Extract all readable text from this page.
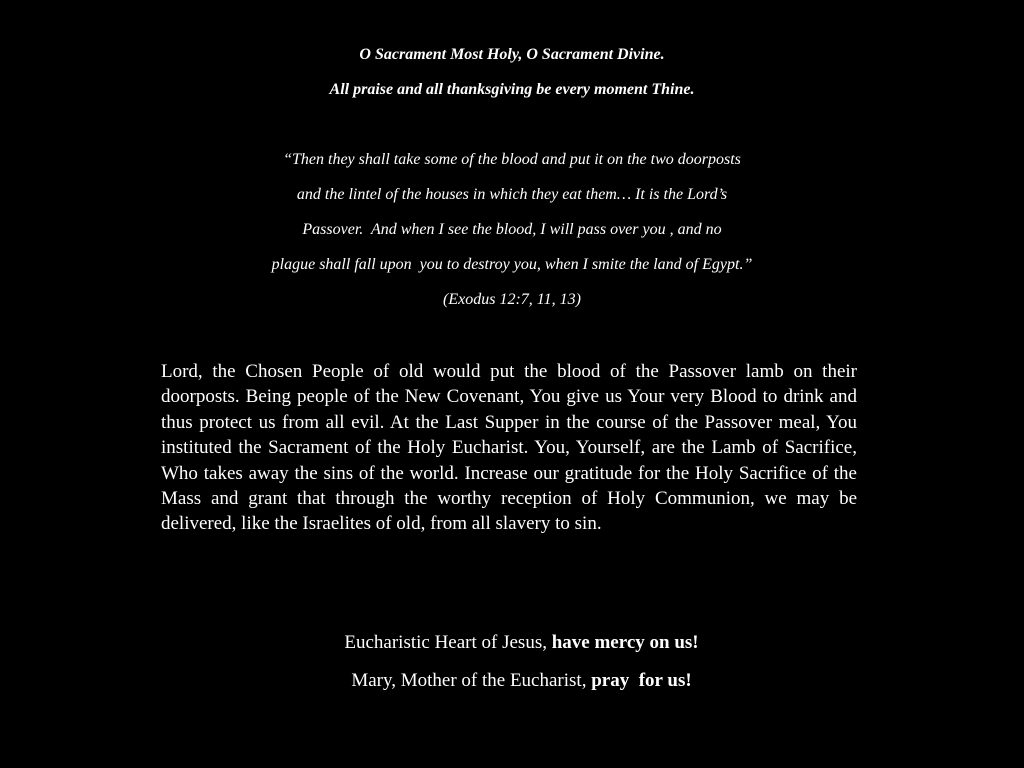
O Sacrament Most Holy, O Sacrament Divine.
All praise and all thanksgiving be every moment Thine.
“Then they shall take some of the blood and put it on the two doorposts
and the lintel of the houses in which they eat them… It is the Lord’s
Passover.  And when I see the blood, I will pass over you , and no
plague shall fall upon  you to destroy you, when I smite the land of Egypt.”
(Exodus 12:7, 11, 13)
Lord, the Chosen People of old would put the blood of the Passover lamb on their doorposts. Being people of the New Covenant, You give us Your very Blood to drink and thus protect us from all evil. At the Last Supper in the course of the Passover meal, You instituted the Sacrament of the Holy Eucharist. You, Yourself, are the Lamb of Sacrifice, Who takes away the sins of the world. Increase our gratitude for the Holy Sacrifice of the Mass and grant that through the worthy reception of Holy Communion, we may be delivered, like the Israelites of old, from all slavery to sin.

Eucharistic Heart of Jesus, have mercy on us!

Mary, Mother of the Eucharist, pray  for us!
